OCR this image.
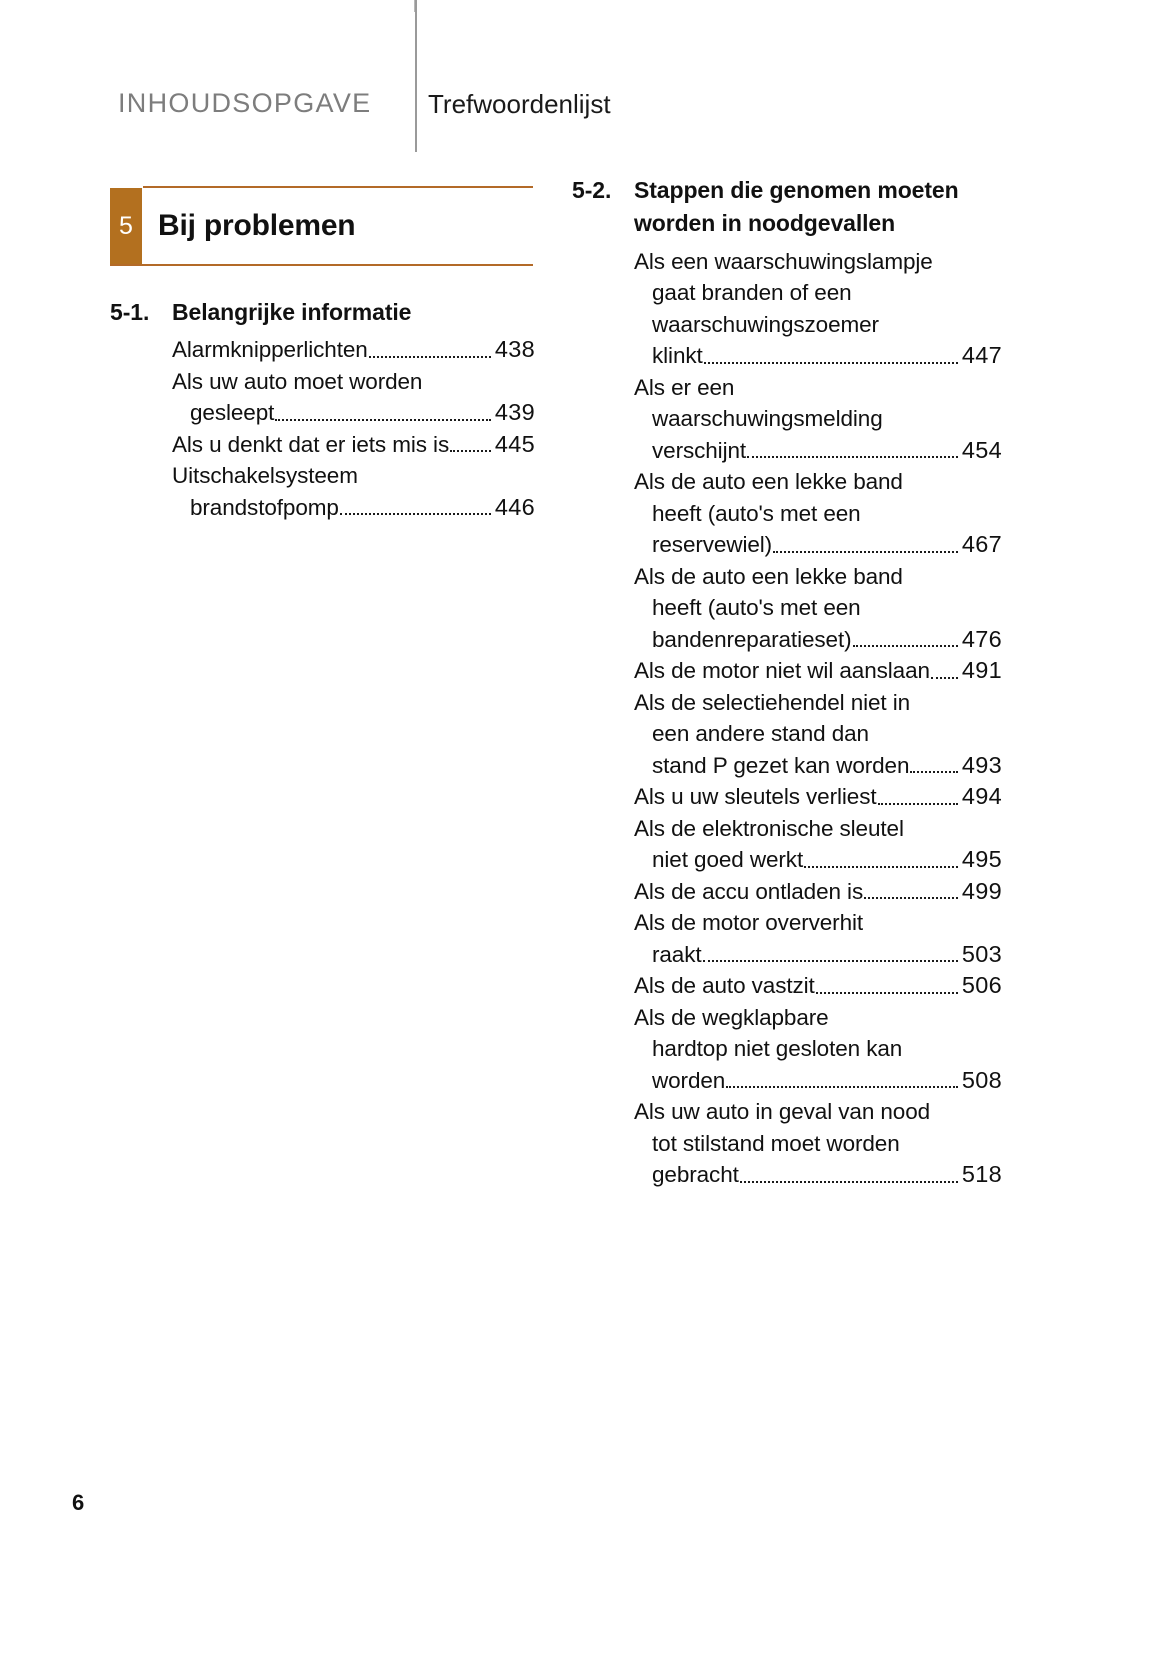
INHOUDSOPGAVE Trefwoordenlijst
5 Bij problemen
5-1. Belangrijke informatie
Alarmknipperlichten	438
Als uw auto moet worden
gesleept	439
Als u denkt dat er iets mis is 445
Uitschakelsysteem
brandstofpomp	446
5-2. Stappen die genomen moeten
worden in noodgevallen
Als een waarschuwingslampje
gaat branden of een
waarschuwingszoemer
klinkt	447
Als er een
waarschuwingsmelding
verschijnt	454
Als de auto een lekke band
heeft (auto's met een
reservewiel)	467
Als de auto een lekke band
heeft (auto's met een
bandenreparatieset)	476
Als de motor niet wil aanslaan 491
Als de selectiehendel niet in
een andere stand dan
stand P gezet kan worden 493
Als u uw sleutels verliest	494
Als de elektronische sleutel
niet goed werkt	495
Als de accu ontladen is	499
Als de motor oververhit
raakt	503
Als de auto vastzit	506
Als de wegklapbare
hardtop niet gesloten kan
worden	508
Als uw auto in geval van nood
tot stilstand moet worden
gebracht	518
6
